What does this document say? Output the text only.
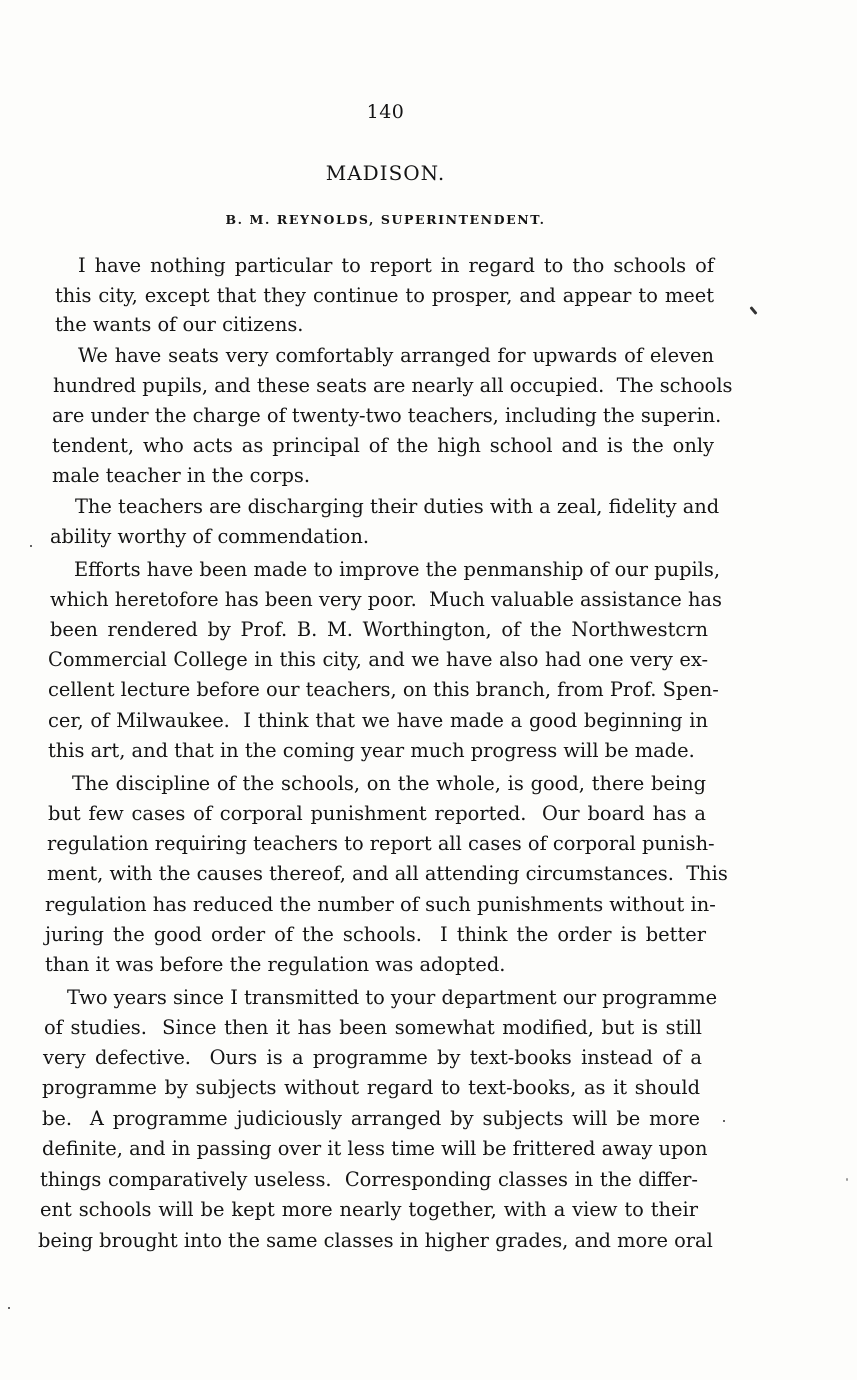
140
MADISON.
B. M. REYNOLDS, SUPERINTENDENT.
I have nothing particular to report in regard to tho schools of
this city, except that they continue to prosper, and appear to meet
the wants of our citizens.
We have seats very comfortably arranged for upwards of eleven
hundred pupils, and these seats are nearly all occupied.  The schools
are under the charge of twenty-two teachers, including the superin.
tendent, who acts as principal of the high school and is the only
male teacher in the corps.
The teachers are discharging their duties with a zeal, fidelity and
ability worthy of commendation.
Efforts have been made to improve the penmanship of our pupils,
which heretofore has been very poor.  Much valuable assistance has
been rendered by Prof. B. M. Worthington, of the Northwestcrn
Commercial College in this city, and we have also had one very ex-
cellent lecture before our teachers, on this branch, from Prof. Spen-
cer, of Milwaukee.  I think that we have made a good beginning in
this art, and that in the coming year much progress will be made.
The discipline of the schools, on the whole, is good, there being
but few cases of corporal punishment reported.  Our board has a
regulation requiring teachers to report all cases of corporal punish-
ment, with the causes thereof, and all attending circumstances.  This
regulation has reduced the number of such punishments without in-
juring the good order of the schools.  I think the order is better
than it was before the regulation was adopted.
Two years since I transmitted to your department our programme
of studies.  Since then it has been somewhat modified, but is still
very defective.  Ours is a programme by text-books instead of a
programme by subjects without regard to text-books, as it should
be.  A programme judiciously arranged by subjects will be more
definite, and in passing over it less time will be frittered away upon
things comparatively useless.  Corresponding classes in the differ-
ent schools will be kept more nearly together, with a view to their
being brought into the same classes in higher grades, and more oral
